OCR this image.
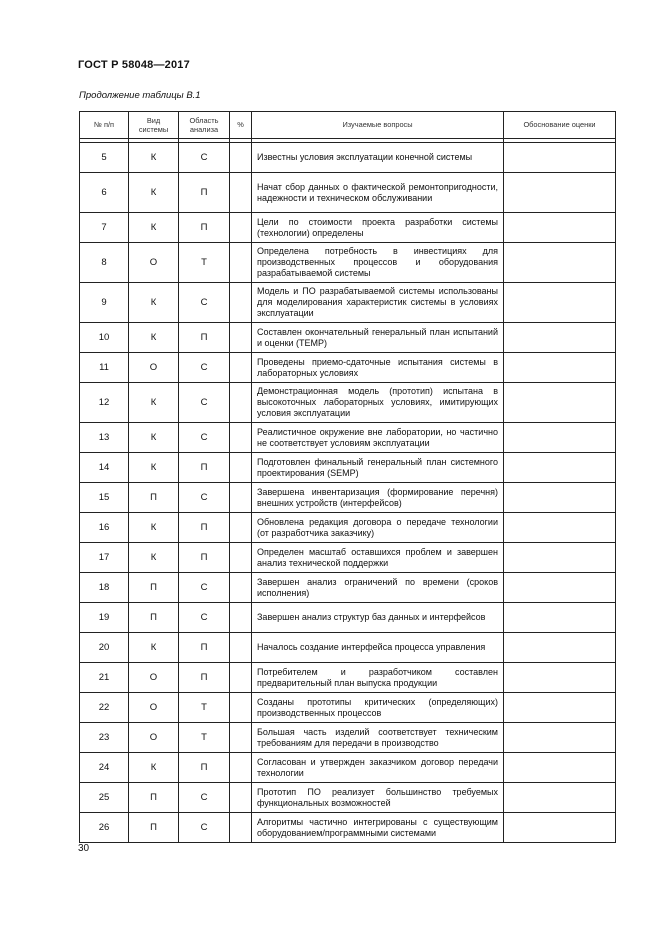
ГОСТ Р 58048—2017
Продолжение таблицы В.1
№ п/п	Вид системы	Область анализа	%	Изучаемые вопросы	Обоснование оценки

5	К	С		Известны условия эксплуатации конечной системы	
6	К	П		Начат сбор данных о фактической ремонтопригодности, надежности и техническом обслуживании	
7	К	П		Цели по стоимости проекта разработки системы (технологии) определены	
8	О	Т		Определена потребность в инвестициях для производственных процессов и оборудования разрабатываемой системы	
9	К	С		Модель и ПО разрабатываемой системы использованы для моделирования характеристик системы в условиях эксплуатации	
10	К	П		Составлен окончательный генеральный план испытаний и оценки (TEMP)	
11	О	С		Проведены приемо-сдаточные испытания системы в лабораторных условиях	
12	К	С		Демонстрационная модель (прототип) испытана в высокоточных лабораторных условиях, имитирующих условия эксплуатации	
13	К	С		Реалистичное окружение вне лаборатории, но частично не соответствует условиям эксплуатации	
14	К	П		Подготовлен финальный генеральный план системного проектирования (SEMP)	
15	П	С		Завершена инвентаризация (формирование перечня) внешних устройств (интерфейсов)	
16	К	П		Обновлена редакция договора о передаче технологии (от разработчика заказчику)	
17	К	П		Определен масштаб оставшихся проблем и завершен анализ технической поддержки	
18	П	С		Завершен анализ ограничений по времени (сроков исполнения)	
19	П	С		Завершен анализ структур баз данных и интерфейсов	
20	К	П		Началось создание интерфейса процесса управления	
21	О	П		Потребителем и разработчиком составлен предварительный план выпуска продукции	
22	О	Т		Созданы прототипы критических (определяющих) производственных процессов	
23	О	Т		Большая часть изделий соответствует техническим требованиям для передачи в производство	
24	К	П		Согласован и утвержден заказчиком договор передачи технологии	
25	П	С		Прототип ПО реализует большинство требуемых функциональных возможностей	
26	П	С		Алгоритмы частично интегрированы с существующим оборудованием/программными системами	
30
